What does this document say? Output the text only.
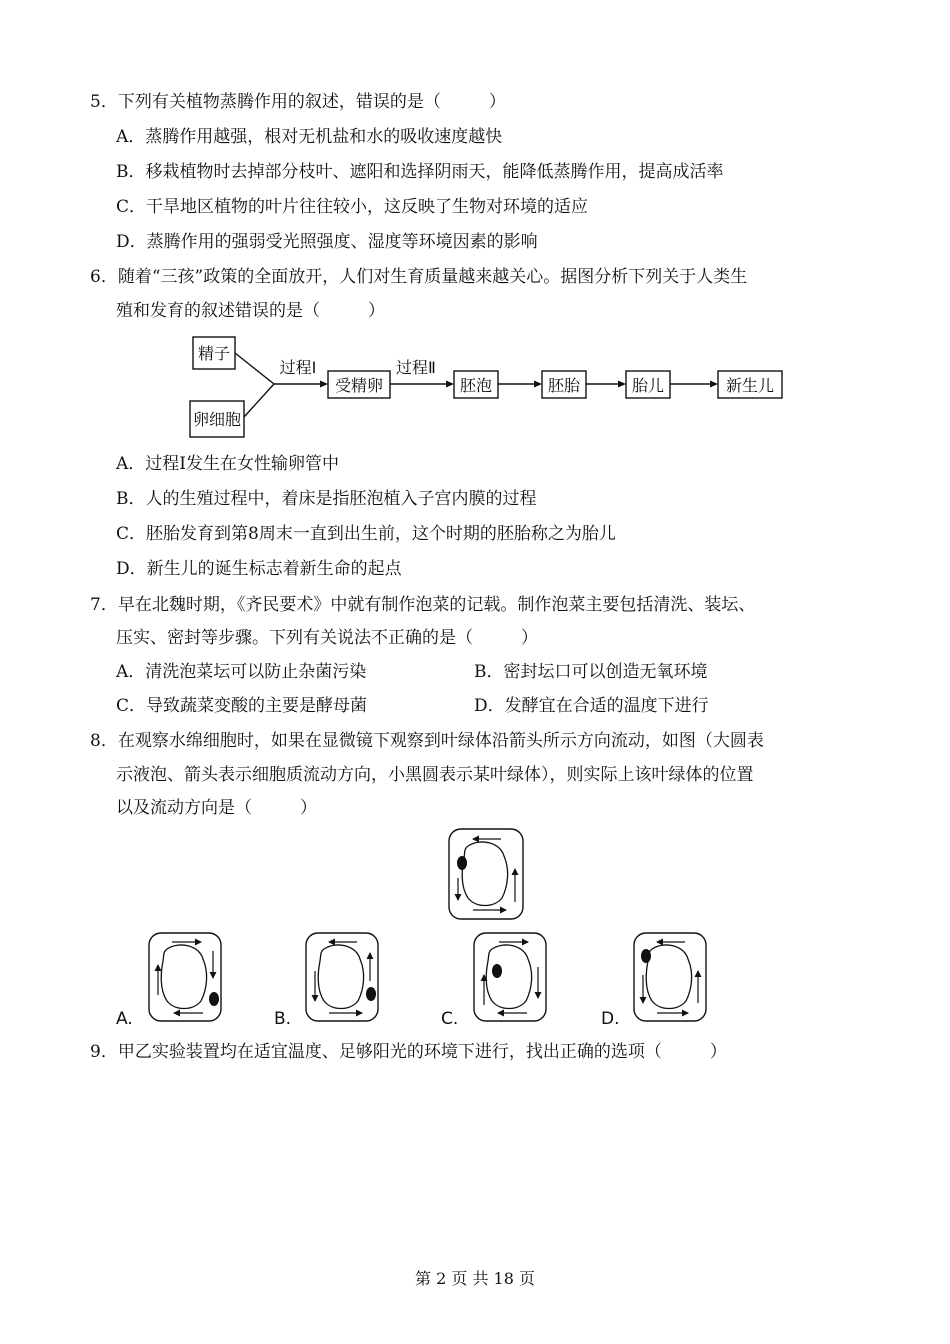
5．下列有关植物蒸腾作用的叙述，错误的是（	）
A．蒸腾作用越强，根对无机盐和水的吸收速度越快
B．移栽植物时去掉部分枝叶、遮阳和选择阴雨天，能降低蒸腾作用，提高成活率
C．干旱地区植物的叶片往往较小，这反映了生物对环境的适应
D．蒸腾作用的强弱受光照强度、湿度等环境因素的影响
6．随着“三孩”政策的全面放开，人们对生育质量越来越关心。据图分析下列关于人类生
殖和发育的叙述错误的是（	）
精子
卵细胞
过程Ⅰ
受精卵
过程Ⅱ
胚泡	胚胎	胎儿	新生儿
A．过程Ⅰ发生在女性输卵管中
B．人的生殖过程中，着床是指胚泡植入子宫内膜的过程
C．胚胎发育到第8周末一直到出生前，这个时期的胚胎称之为胎儿
D．新生儿的诞生标志着新生命的起点
7．早在北魏时期，《齐民要术》中就有制作泡菜的记载。制作泡菜主要包括清洗、装坛、
压实、密封等步骤。下列有关说法不正确的是（	）
A．清洗泡菜坛可以防止杂菌污染	B．密封坛口可以创造无氧环境
C．导致蔬菜变酸的主要是酵母菌	D．发酵宜在合适的温度下进行
8．在观察水绵细胞时，如果在显微镜下观察到叶绿体沿箭头所示方向流动，如图（大圆表
示液泡、箭头表示细胞质流动方向，小黑圆表示某叶绿体），则实际上该叶绿体的位置
以及流动方向是（	）
A.	B.	C.	D.
9．甲乙实验装置均在适宜温度、足够阳光的环境下进行，找出正确的选项（	）
第 2 页 共 18 页
